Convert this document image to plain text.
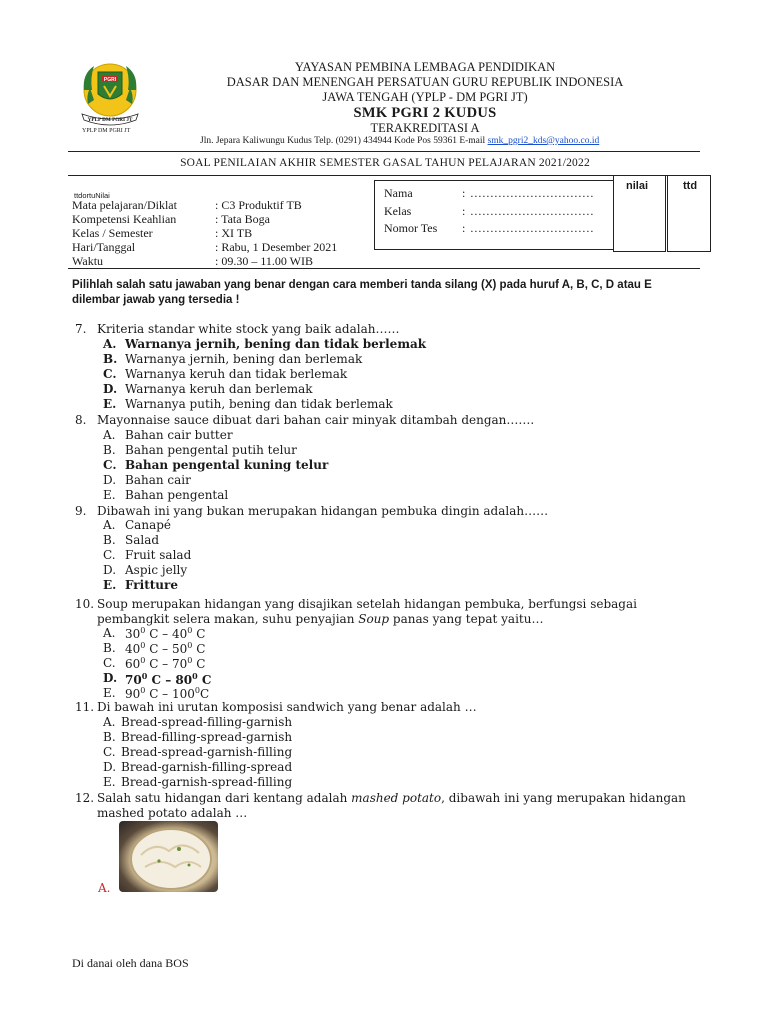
PGRI
YPLP DM PGRI JT
YPLP DM PGRI JT
YAYASAN PEMBINA LEMBAGA PENDIDIKAN
DASAR DAN MENENGAH PERSATUAN GURU REPUBLIK INDONESIA
JAWA TENGAH (YPLP - DM PGRI JT)
SMK PGRI 2 KUDUS
TERAKREDITASI A
Jln. Jepara Kaliwungu Kudus Telp. (0291) 434944 Kode Pos 59361 E-mail smk_pgri2_kds@yahoo.co.id
SOAL PENILAIAN AKHIR SEMESTER GASAL TAHUN PELAJARAN 2021/2022
ttdortuNilai
Mata pelajaran/Diklat	: C3 Produktif TB
Kompetensi Keahlian	: Tata Boga
Kelas / Semester	: XI TB
Hari/Tanggal	: Rabu, 1 Desember 2021
Waktu	: 09.30 – 11.00 WIB
Nama	: ...............................
Kelas	: ...............................
Nomor Tes : ...............................
nilai	ttd
Pilihlah salah satu jawaban yang benar dengan cara memberi tanda silang (X) pada huruf A, B, C, D atau E dilembar jawab yang tersedia !
7. Kriteria standar white stock yang baik adalah……
A. Warnanya jernih, bening dan tidak berlemak
B. Warnanya jernih, bening dan berlemak
C. Warnanya keruh dan tidak berlemak
D. Warnanya keruh dan berlemak
E. Warnanya putih, bening dan tidak berlemak
8. Mayonnaise sauce dibuat dari bahan cair minyak ditambah dengan…….
A. Bahan cair butter
B. Bahan pengental putih telur
C. Bahan pengental kuning telur
D. Bahan cair
E. Bahan pengental
9. Dibawah ini yang bukan merupakan hidangan pembuka dingin adalah……
A. Canapé
B. Salad
C. Fruit salad
D. Aspic jelly
E. Fritture
10. Soup merupakan hidangan yang disajikan setelah hidangan pembuka, berfungsi sebagai
pembangkit selera makan, suhu penyajian Soup panas yang tepat yaitu…
A. $30^0$ C – $40^0$ C
B. $40^0$ C – $50^0$ C
C. $60^0$ C – $70^0$ C
D. $70^0$ C – $80^0$ C
E. $90^0$ C – $100^0C$
11. Di bawah ini urutan komposisi sandwich yang benar adalah …
A. Bread-spread-filling-garnish
B. Bread-filling-spread-garnish
C. Bread-spread-garnish-filling
D. Bread-garnish-filling-spread
E. Bread-garnish-spread-filling
12. Salah satu hidangan dari kentang adalah mashed potato, dibawah ini yang merupakan hidangan
mashed potato adalah …
A.
Di danai oleh dana BOS
